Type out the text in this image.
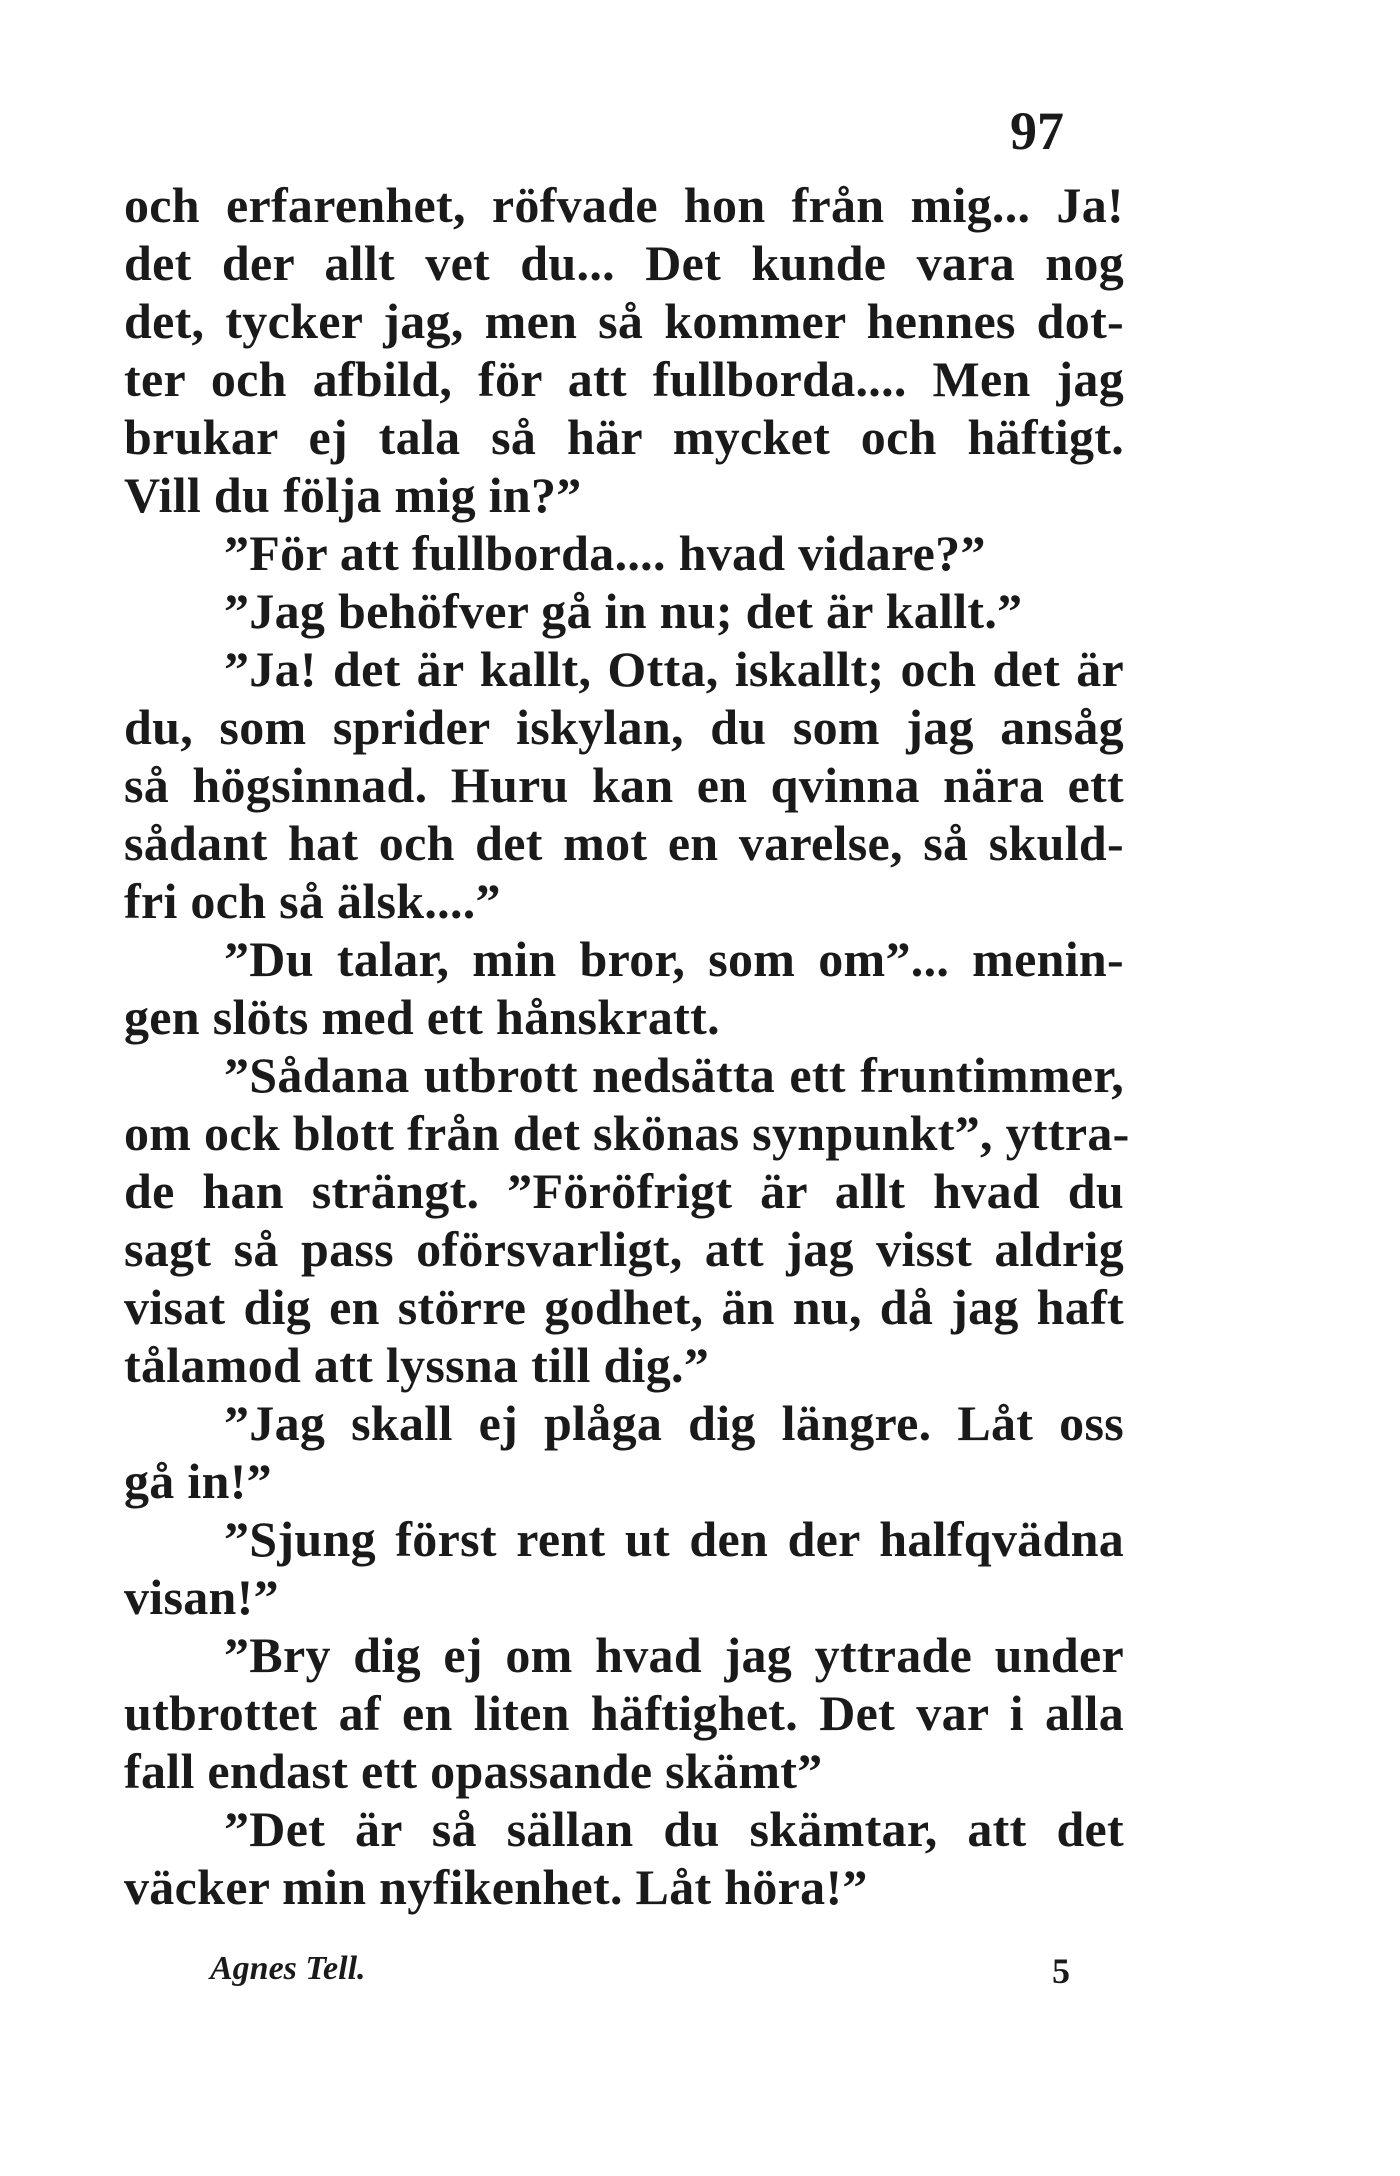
97
och erfarenhet, röfvade hon från mig... Ja!
det der allt vet du... Det kunde vara nog
det, tycker jag, men så kommer hennes dot-
ter och afbild, för att fullborda.... Men jag
brukar ej tala så här mycket och häftigt.
Vill du följa mig in?”
”För att fullborda.... hvad vidare?”
”Jag behöfver gå in nu; det är kallt.”
”Ja! det är kallt, Otta, iskallt; och det är
du, som sprider iskylan, du som jag ansåg
så högsinnad. Huru kan en qvinna nära ett
sådant hat och det mot en varelse, så skuld-
fri och så älsk....”
”Du talar, min bror, som om”... menin-
gen slöts med ett hånskratt.
”Sådana utbrott nedsätta ett fruntimmer,
om ock blott från det skönas synpunkt”, yttra-
de han strängt. ”Föröfrigt är allt hvad du
sagt så pass oförsvarligt, att jag visst aldrig
visat dig en större godhet, än nu, då jag haft
tålamod att lyssna till dig.”
”Jag skall ej plåga dig längre. Låt oss
gå in!”
”Sjung först rent ut den der halfqvädna
visan!”
”Bry dig ej om hvad jag yttrade under
utbrottet af en liten häftighet. Det var i alla
fall endast ett opassande skämt”
”Det är så sällan du skämtar, att det
väcker min nyfikenhet. Låt höra!”
Agnes Tell.	5
